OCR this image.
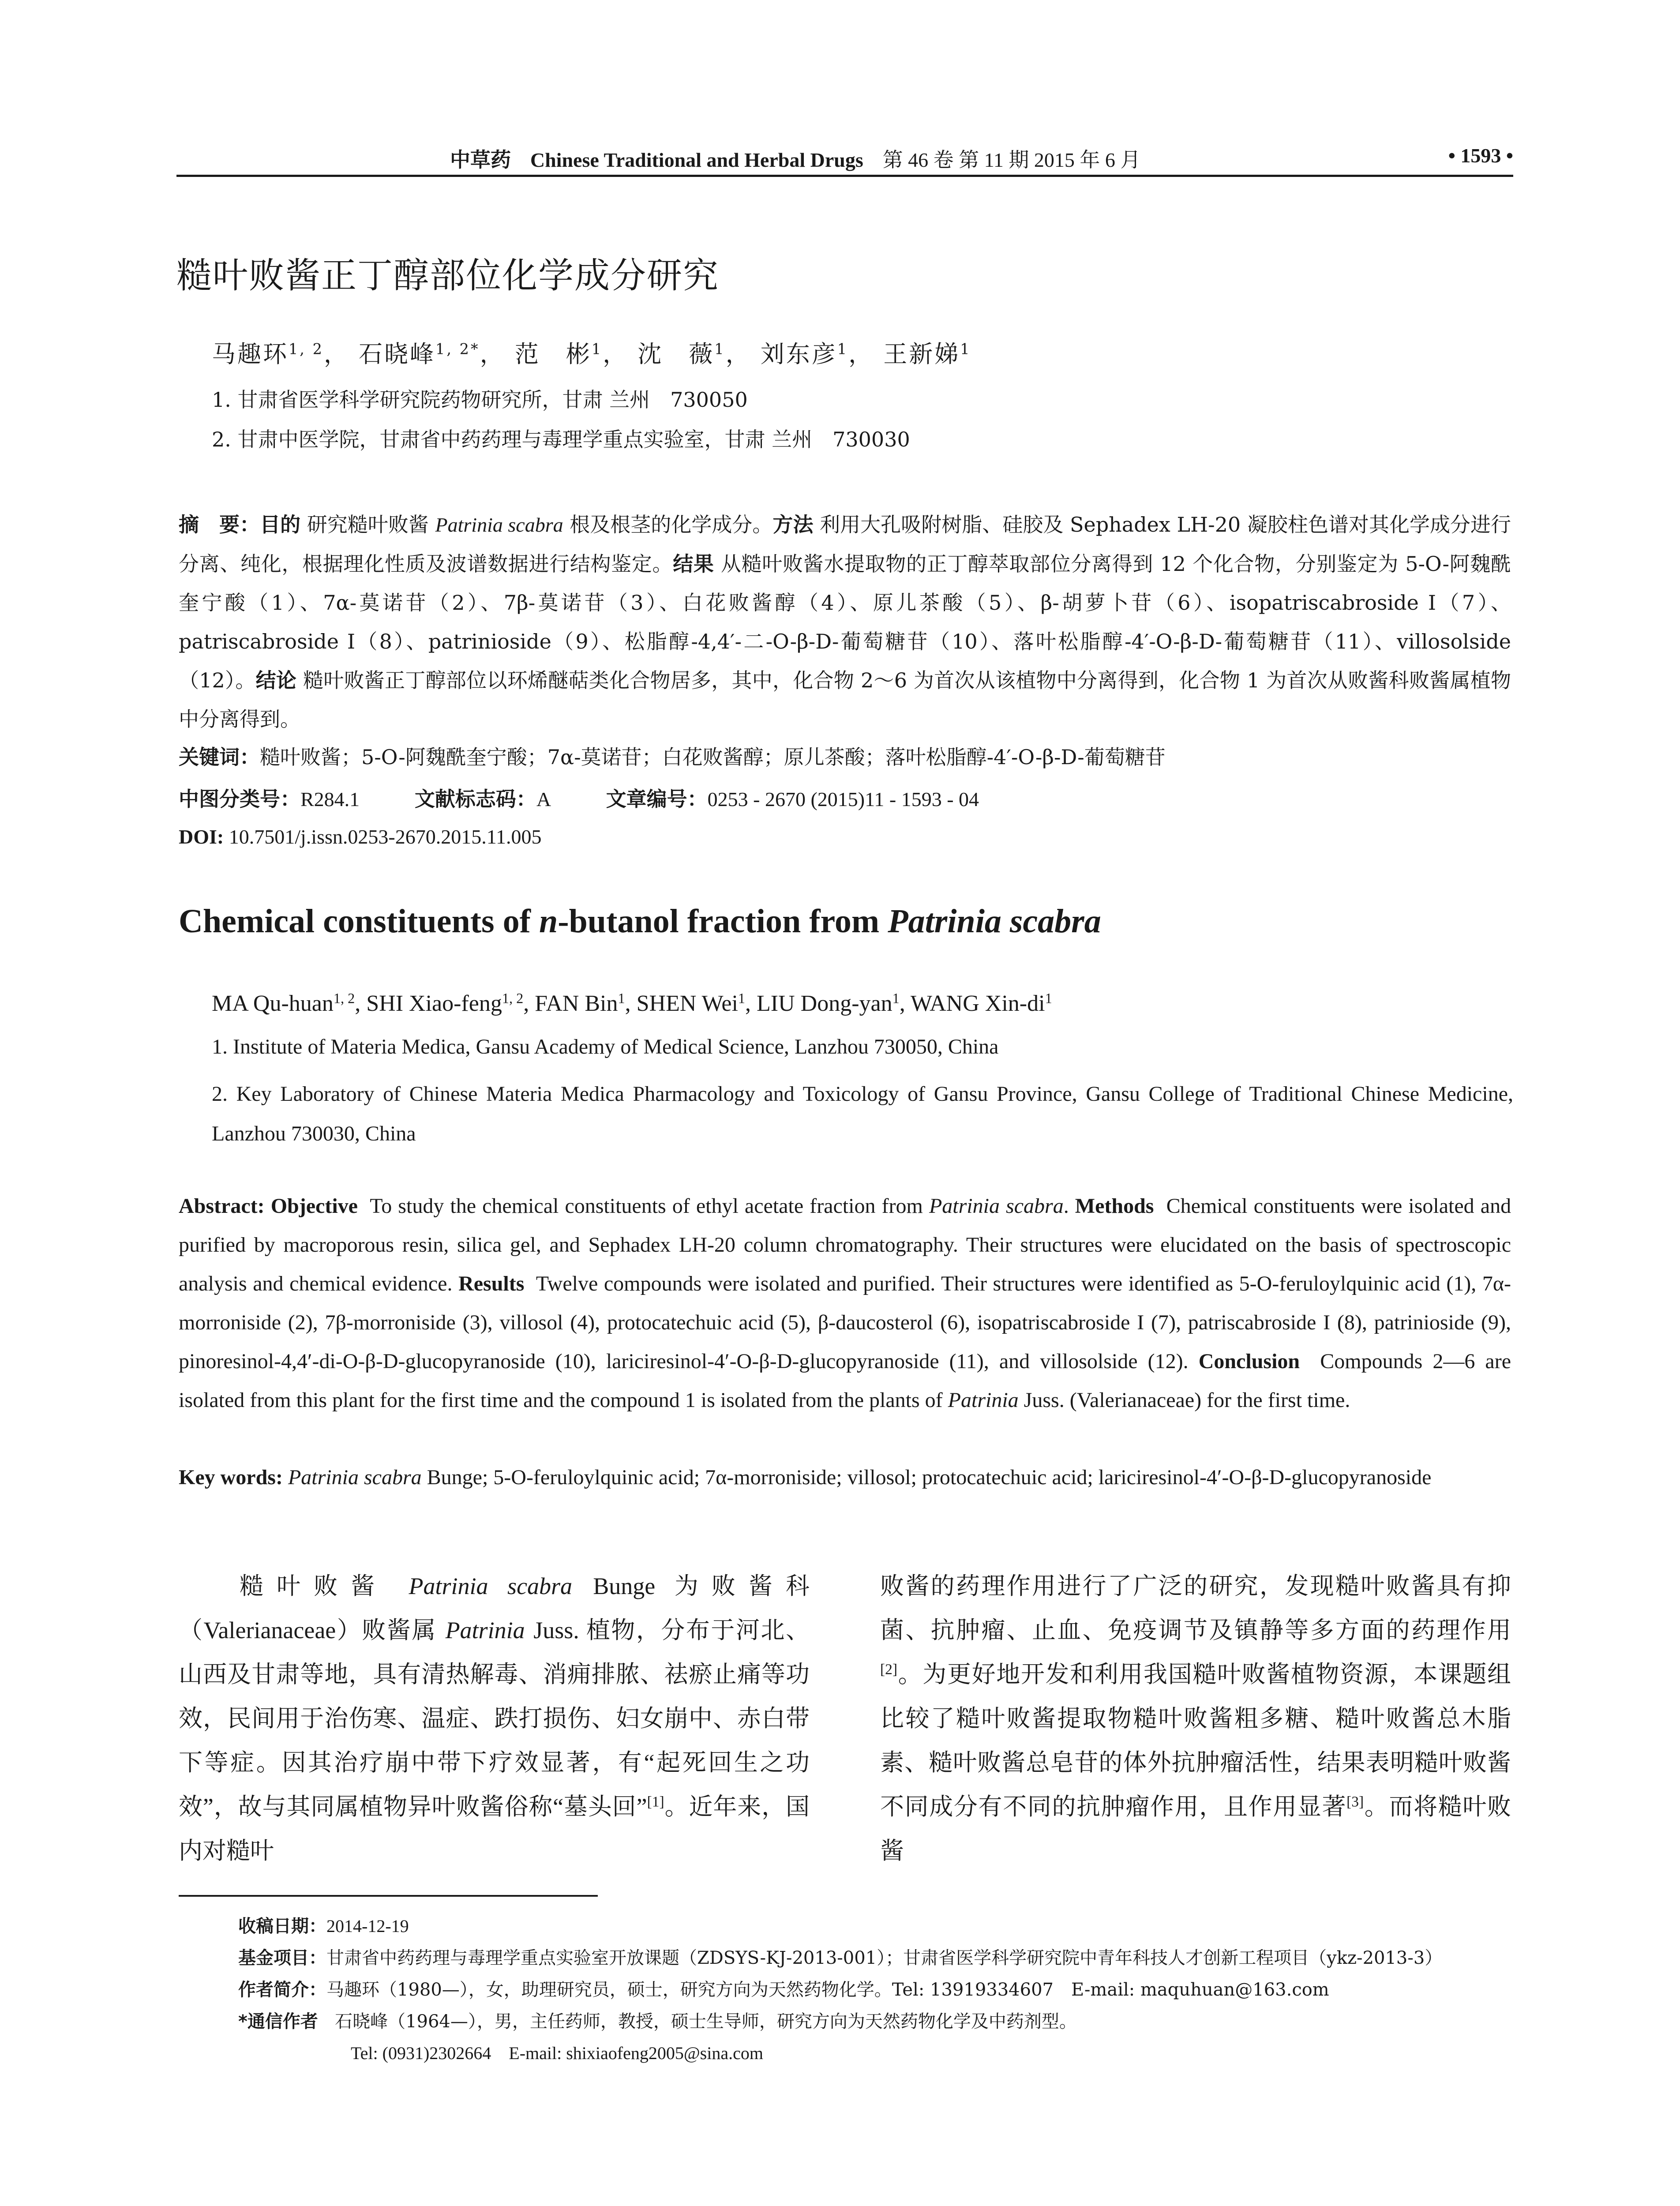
中草药 Chinese Traditional and Herbal Drugs 第 46 卷 第 11 期 2015 年 6 月	• 1593 •
糙叶败酱正丁醇部位化学成分研究
马趣环$^{1, 2}$， 石晓峰$^{1, 2*}$， 范　彬$^1$， 沈　薇$^1$， 刘东彦$^1$， 王新娣$^1$
1. 甘肃省医学科学研究院药物研究所，甘肃 兰州　730050
2. 甘肃中医学院，甘肃省中药药理与毒理学重点实验室，甘肃 兰州　730030
摘　要：目的 研究糙叶败酱 Patrinia scabra 根及根茎的化学成分。方法 利用大孔吸附树脂、硅胶及 Sephadex LH-20 凝胶柱色谱对其化学成分进行分离、纯化，根据理化性质及波谱数据进行结构鉴定。结果 从糙叶败酱水提取物的正丁醇萃取部位分离得到 12 个化合物，分别鉴定为 5-O-阿魏酰奎宁酸（1）、7α-莫诺苷（2）、7β-莫诺苷（3）、白花败酱醇（4）、原儿茶酸（5）、β-胡萝卜苷（6）、isopatriscabroside I（7）、patriscabroside I（8）、patrinioside（9）、松脂醇-4,4′-二-O-β-D-葡萄糖苷（10）、落叶松脂醇-4′-O-β-D-葡萄糖苷（11）、villosolside（12）。结论 糙叶败酱正丁醇部位以环烯醚萜类化合物居多，其中，化合物 2～6 为首次从该植物中分离得到，化合物 1 为首次从败酱科败酱属植物中分离得到。
关键词：糙叶败酱；5-O-阿魏酰奎宁酸；7α-莫诺苷；白花败酱醇；原儿茶酸；落叶松脂醇-4′-O-β-D-葡萄糖苷
中图分类号：R284.1	文献标志码：A	文章编号：0253 - 2670 (2015)11 - 1593 - 04
DOI: 10.7501/j.issn.0253-2670.2015.11.005
Chemical constituents of n-butanol fraction from Patrinia scabra
MA Qu-huan$^{1, 2}$, SHI Xiao-feng$^{1, 2}$, FAN Bin$^1$, SHEN Wei$^1$, LIU Dong-yan$^1$, WANG Xin-$di^1$
1. Institute of Materia Medica, Gansu Academy of Medical Science, Lanzhou 730050, China
2. Key Laboratory of Chinese Materia Medica Pharmacology and Toxicology of Gansu Province, Gansu College of Traditional Chinese Medicine, Lanzhou 730030, China
Abstract: Objective To study the chemical constituents of ethyl acetate fraction from Patrinia scabra. Methods Chemical constituents were isolated and purified by macroporous resin, silica gel, and Sephadex LH-20 column chromatography. Their structures were elucidated on the basis of spectroscopic analysis and chemical evidence. Results Twelve compounds were isolated and purified. Their structures were identified as 5-O-feruloylquinic acid (1), 7α-morroniside (2), 7β-morroniside (3), villosol (4), protocatechuic acid (5), β-daucosterol (6), isopatriscabroside I (7), patriscabroside I (8), patrinioside (9), pinoresinol-4,4′-di-O-β-D-glucopyranoside (10), lariciresinol-4′-O-β-D-glucopyranoside (11), and villosolside (12). Conclusion Compounds 2—6 are isolated from this plant for the first time and the compound 1 is isolated from the plants of Patrinia Juss. (Valerianaceae) for the first time.
Key words: Patrinia scabra Bunge; 5-O-feruloylquinic acid; 7α-morroniside; villosol; protocatechuic acid; lariciresinol-4′-O-β-D-glucopyranoside
糙叶败酱 Patrinia scabra Bunge 为败酱科（Valerianaceae）败酱属 Patrinia Juss. 植物，分布于河北、山西及甘肃等地，具有清热解毒、消痈排脓、祛瘀止痛等功效，民间用于治伤寒、温症、跌打损伤、妇女崩中、赤白带下等症。因其治疗崩中带下疗效显著，有“起死回生之功效”，故与其同属植物异叶败酱俗称“墓头回”[1]。近年来，国内对糙叶
败酱的药理作用进行了广泛的研究，发现糙叶败酱具有抑菌、抗肿瘤、止血、免疫调节及镇静等多方面的药理作用[2]。为更好地开发和利用我国糙叶败酱植物资源，本课题组比较了糙叶败酱提取物糙叶败酱粗多糖、糙叶败酱总木脂素、糙叶败酱总皂苷的体外抗肿瘤活性，结果表明糙叶败酱不同成分有不同的抗肿瘤作用，且作用显著[3]。而将糙叶败酱
收稿日期：2014-12-19
基金项目：甘肃省中药药理与毒理学重点实验室开放课题（ZDSYS-KJ-2013-001）；甘肃省医学科学研究院中青年科技人才创新工程项目（ykz-2013-3）
作者简介：马趣环（1980—），女，助理研究员，硕士，研究方向为天然药物化学。Tel: 13919334607　E-mail: maquhuan@163.com
*通信作者 石晓峰（1964—），男，主任药师，教授，硕士生导师，研究方向为天然药物化学及中药剂型。
Tel: (0931)2302664　E-mail: shixiaofeng2005@sina.com
